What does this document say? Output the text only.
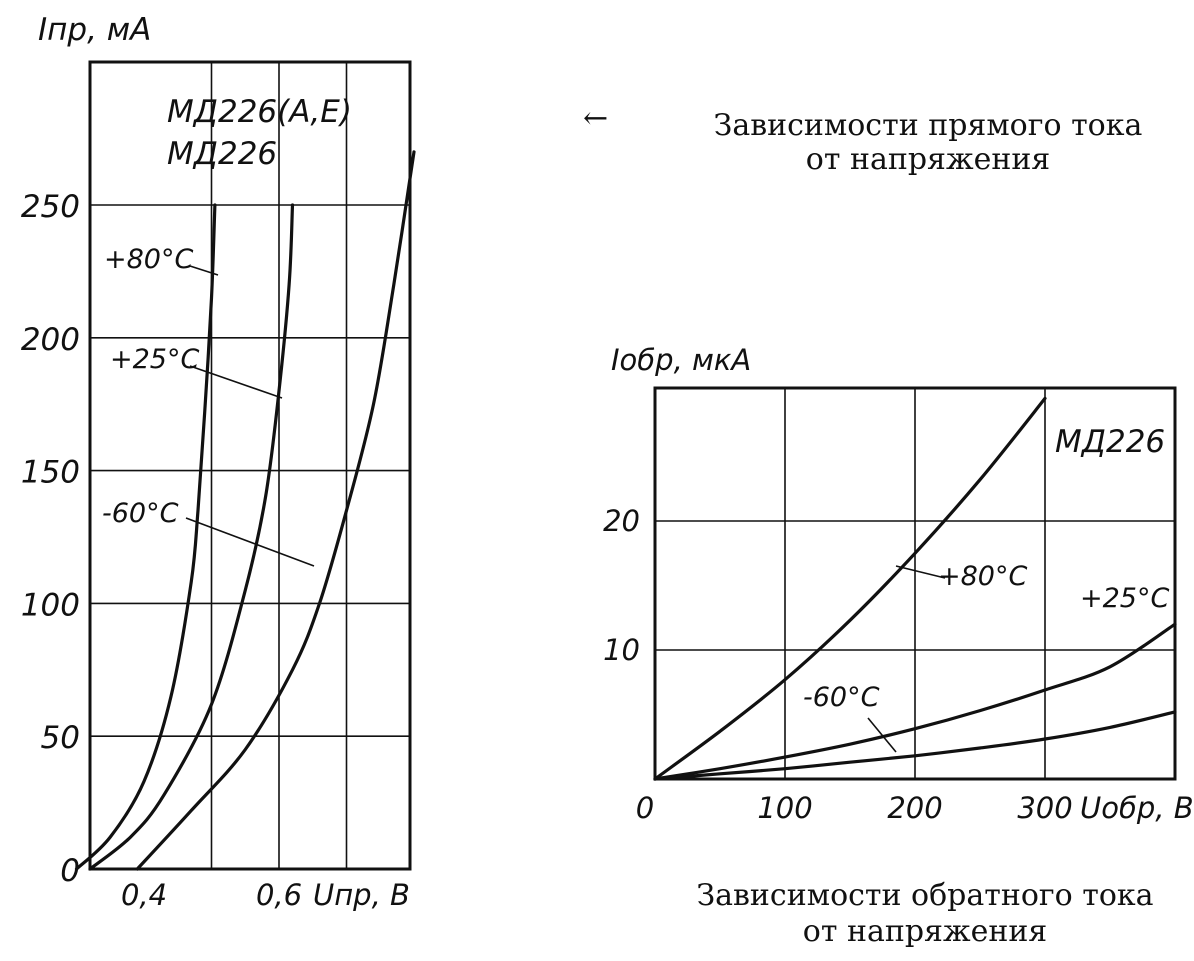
0
50
100
150
200
250
0,4	0,6
Iпр, мА
Uпр, В
МД226(А,Е) МД226
+80°C
+25°C
-60°C
10
20
0	100	200	300
Iобр, мкА
Uобр, В
МД226
+80°C
+25°C
-60°C
←	Зависимости прямого тока от напряжения
Зависимости обратного тока от напряжения
